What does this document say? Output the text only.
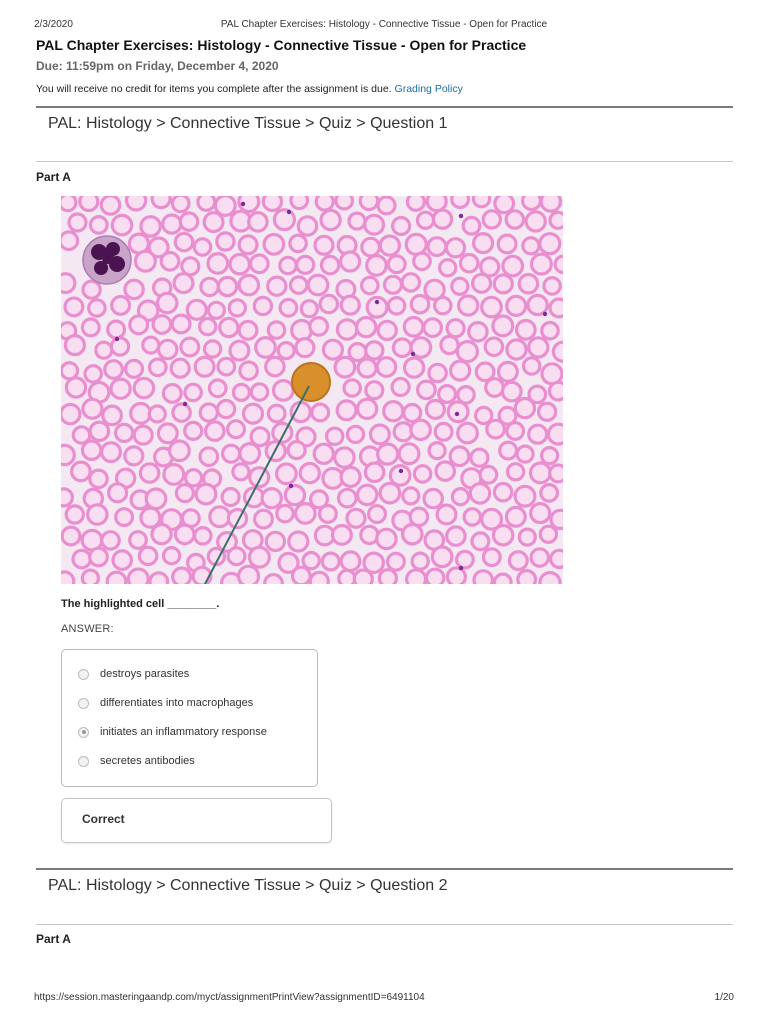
2/3/2020	PAL Chapter Exercises: Histology - Connective Tissue - Open for Practice
PAL Chapter Exercises: Histology - Connective Tissue - Open for Practice
Due: 11:59pm on Friday, December 4, 2020
You will receive no credit for items you complete after the assignment is due. Grading Policy
PAL: Histology > Connective Tissue > Quiz > Question 1
Part A
The highlighted cell ________.
ANSWER:
destroys parasites
differentiates into macrophages
initiates an inflammatory response
secretes antibodies
Correct
PAL: Histology > Connective Tissue > Quiz > Question 2
Part A
https://session.masteringaandp.com/myct/assignmentPrintView?assignmentID=6491104	1/20
